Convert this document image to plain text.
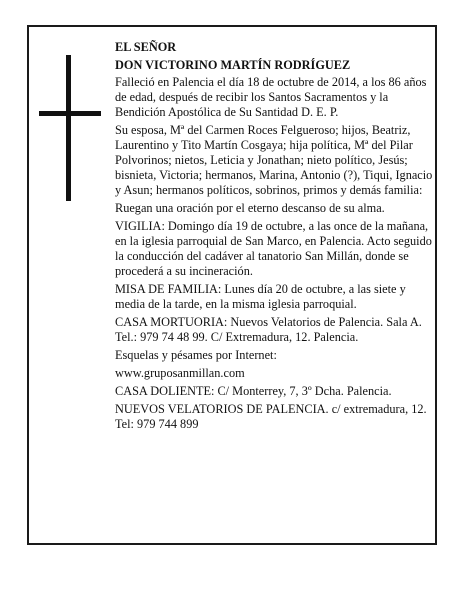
EL SEÑOR

DON VICTORINO MARTÍN RODRÍGUEZ

Falleció en Palencia el día 18 de octubre de 2014, a los 86 años de edad, después de recibir los Santos Sacramentos y la Bendición Apostólica de Su Santidad D. E. P.

Su esposa, Mª del Carmen Roces Felgueroso; hijos, Beatriz, Laurentino y Tito Martín Cosgaya; hija política, Mª del Pilar Polvorinos; nietos, Leticia y Jonathan; nieto político, Jesús; bisnieta, Victoria; hermanos, Marina, Antonio (?), Tiqui, Ignacio y Asun; hermanos políticos, sobrinos, primos y demás familia:

Ruegan una oración por el eterno descanso de su alma.

VIGILIA: Domingo día 19 de octubre, a las once de la mañana, en la iglesia parroquial de San Marco, en Palencia. Acto seguido la conducción del cadáver al tanatorio San Millán, donde se procederá a su incineración.

MISA DE FAMILIA: Lunes día 20 de octubre, a las siete y media de la tarde, en la misma iglesia parroquial.

CASA MORTUORIA: Nuevos Velatorios de Palencia. Sala A. Tel.: 979 74 48 99. C/ Extremadura, 12. Palencia.

Esquelas y pésames por Internet:

www.gruposanmillan.com

CASA DOLIENTE: C/ Monterrey, 7, 3º Dcha. Palencia.

NUEVOS VELATORIOS DE PALENCIA. c/ extremadura, 12. Tel: 979 744 899
